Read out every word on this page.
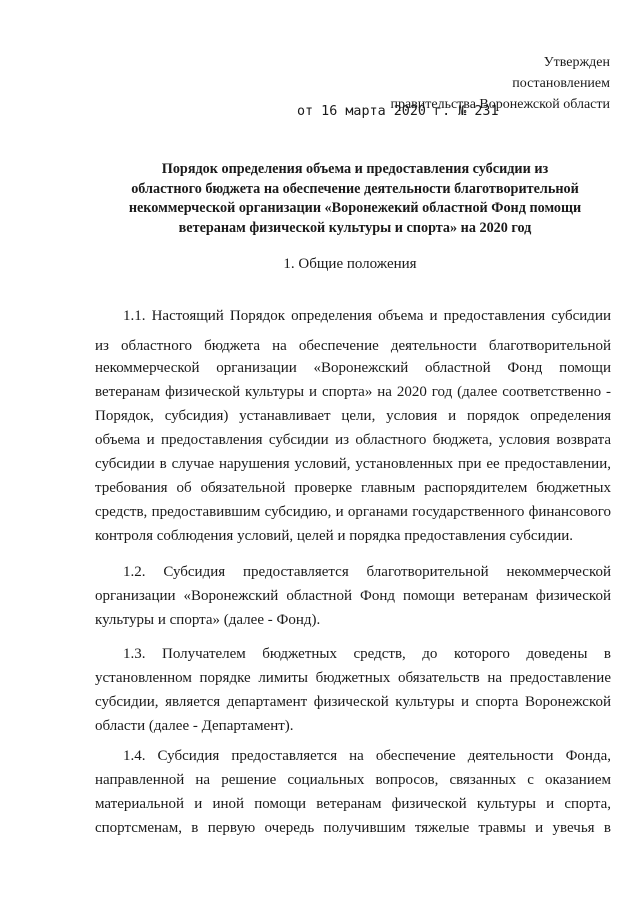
Утвержден
постановлением
правительства Воронежской области
от 16 марта 2020 г. № 231
Порядок определения объема и предоставления субсидии из
областного бюджета на обеспечение деятельности благотворительной
некоммерческой организации «Воронежекий областной Фонд помощи
ветеранам физической культуры и спорта» на 2020 год
1. Общие положения
1.1. Настоящий Порядок определения объема и предоставления субсидии
из областного бюджета на обеспечение деятельности благотворительной
некоммерческой организации «Воронежский областной Фонд помощи
ветеранам физической культуры и спорта» на 2020 год (далее соответственно -
Порядок, субсидия) устанавливает цели, условия и порядок определения
объема и предоставления субсидии из областного бюджета, условия возврата
субсидии в случае нарушения условий, установленных при ее предоставлении,
требования об обязательной проверке главным распорядителем бюджетных
средств, предоставившим субсидию, и органами государственного финансового
контроля соблюдения условий, целей и порядка предоставления субсидии.
1.2. Субсидия предоставляется благотворительной некоммерческой
организации «Воронежский областной Фонд помощи ветеранам физической
культуры и спорта» (далее - Фонд).
1.3. Получателем бюджетных средств, до которого доведены в
установленном порядке лимиты бюджетных обязательств на предоставление
субсидии, является департамент физической культуры и спорта Воронежской
области (далее - Департамент).
1.4. Субсидия предоставляется на обеспечение деятельности Фонда,
направленной на решение социальных вопросов, связанных с оказанием
материальной и иной помощи ветеранам физической культуры и спорта,
спортсменам, в первую очередь получившим тяжелые травмы и увечья в
